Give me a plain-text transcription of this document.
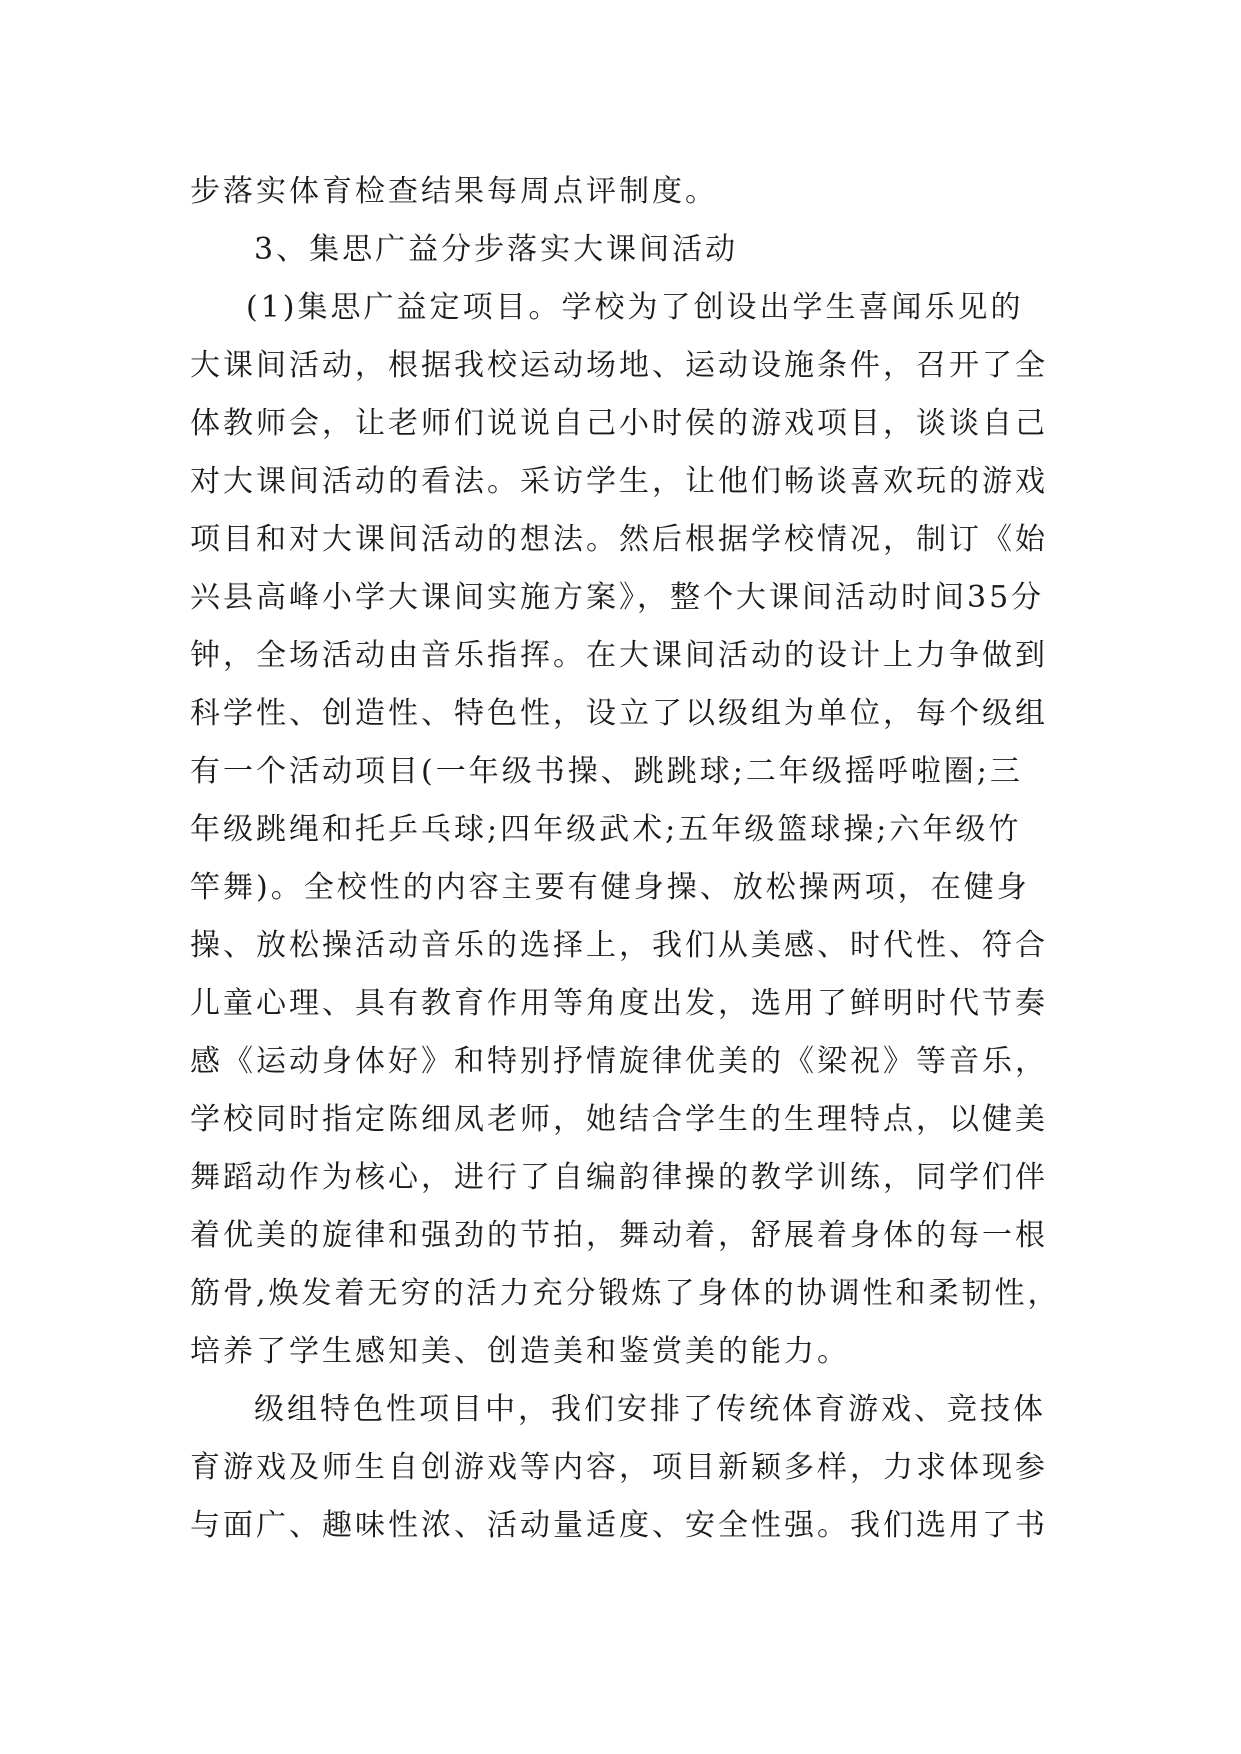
步落实体育检查结果每周点评制度。
3、集思广益分步落实大课间活动
(1)集思广益定项目。学校为了创设出学生喜闻乐见的
大课间活动，根据我校运动场地、运动设施条件，召开了全
体教师会，让老师们说说自己小时侯的游戏项目，谈谈自己
对大课间活动的看法。采访学生，让他们畅谈喜欢玩的游戏
项目和对大课间活动的想法。然后根据学校情况，制订《始
兴县高峰小学大课间实施方案》，整个大课间活动时间35分
钟，全场活动由音乐指挥。在大课间活动的设计上力争做到
科学性、创造性、特色性，设立了以级组为单位，每个级组
有一个活动项目(一年级书操、跳跳球;二年级摇呼啦圈;三
年级跳绳和托乒乓球;四年级武术;五年级篮球操;六年级竹
竿舞)。全校性的内容主要有健身操、放松操两项，在健身
操、放松操活动音乐的选择上，我们从美感、时代性、符合
儿童心理、具有教育作用等角度出发，选用了鲜明时代节奏
感《运动身体好》和特别抒情旋律优美的《梁祝》等音乐，
学校同时指定陈细凤老师，她结合学生的生理特点，以健美
舞蹈动作为核心，进行了自编韵律操的教学训练，同学们伴
着优美的旋律和强劲的节拍，舞动着，舒展着身体的每一根
筋骨,焕发着无穷的活力充分锻炼了身体的协调性和柔韧性，
培养了学生感知美、创造美和鉴赏美的能力。
级组特色性项目中，我们安排了传统体育游戏、竞技体
育游戏及师生自创游戏等内容，项目新颖多样，力求体现参
与面广、趣味性浓、活动量适度、安全性强。我们选用了书
